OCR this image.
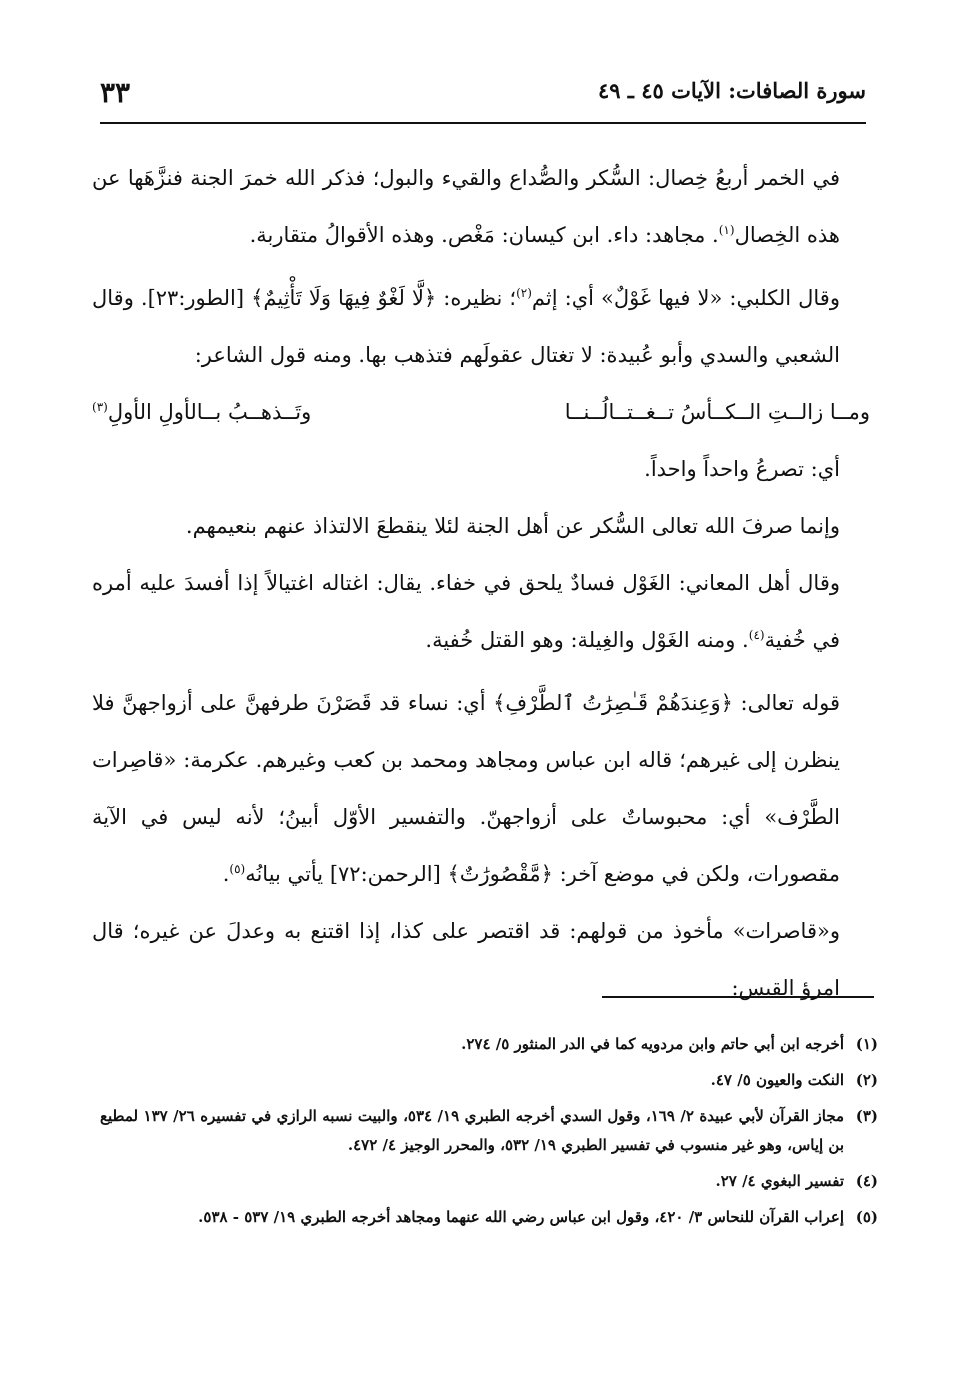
سورة الصافات: الآيات ٤٥ ـ ٤٩
٣٣

في الخمر أربعُ خِصال: السُّكر والصُّداع والقيء والبول؛ فذكر الله خمرَ الجنة فنزَّهَها عن هذه الخِصال$^{(١)}$. مجاهد: داء. ابن كيسان: مَغْص. وهذه الأقوالُ متقاربة.

وقال الكلبي: «لا فيها غَوْلٌ» أي: إثم$^{(٢)}$؛ نظيره: ﴿لَّا لَغْوٌ فِيهَا وَلَا تَأْثِيمٌ﴾ [الطور:٢٣]. وقال الشعبي والسدي وأبو عُبيدة: لا تغتال عقولَهم فتذهب بها. ومنه قول الشاعر:

ومــا زالــتِ الــكــأسُ تــغــتــالُــنــا
وتَــذهــبُ بــالأولِ الأولِ$^{(٣)}$

أي: تصرعُ واحداً واحداً.

وإنما صرفَ الله تعالى السُّكر عن أهل الجنة لئلا ينقطعَ الالتذاذ عنهم بنعيمهم.

وقال أهل المعاني: الغَوْل فسادٌ يلحق في خفاء. يقال: اغتاله اغتيالاً إذا أفسدَ عليه أمره في خُفية$^{(٤)}$. ومنه الغَوْل والغِيلة: وهو القتل خُفية.

قوله تعالى: ﴿وَعِندَهُمْ قَـٰصِرَٰتُ ٱلطَّرْفِ﴾ أي: نساء قد قَصَرْنَ طرفهنَّ على أزواجهنَّ فلا ينظرن إلى غيرهم؛ قاله ابن عباس ومجاهد ومحمد بن كعب وغيرهم. عكرمة: «قاصِرات الطَّرْف» أي: محبوساتٌ على أزواجهنّ. والتفسير الأوّل أبينُ؛ لأنه ليس في الآية مقصورات، ولكن في موضع آخر: ﴿مَّقْصُورَٰتٌ﴾ [الرحمن:٧٢] يأتي بيانُه$^{(٥)}$.

و«قاصرات» مأخوذ من قولهم: قد اقتصر على كذا، إذا اقتنع به وعدلَ عن غيره؛ قال امرؤ القيس:

(١)
أخرجه ابن أبي حاتم وابن مردويه كما في الدر المنثور ٥/ ٢٧٤.
(٢)
النكت والعيون ٥/ ٤٧.
(٣)
مجاز القرآن لأبي عبيدة ٢/ ١٦٩، وقول السدي أخرجه الطبري ١٩/ ٥٣٤، والبيت نسبه الرازي في تفسيره ٢٦/ ١٣٧ لمطيع بن إياس، وهو غير منسوب في تفسير الطبري ١٩/ ٥٣٢، والمحرر الوجيز ٤/ ٤٧٢.
(٤)
تفسير البغوي ٤/ ٢٧.
(٥)
إعراب القرآن للنحاس ٣/ ٤٢٠، وقول ابن عباس رضي الله عنهما ومجاهد أخرجه الطبري ١٩/ ٥٣٧ - ٥٣٨.
